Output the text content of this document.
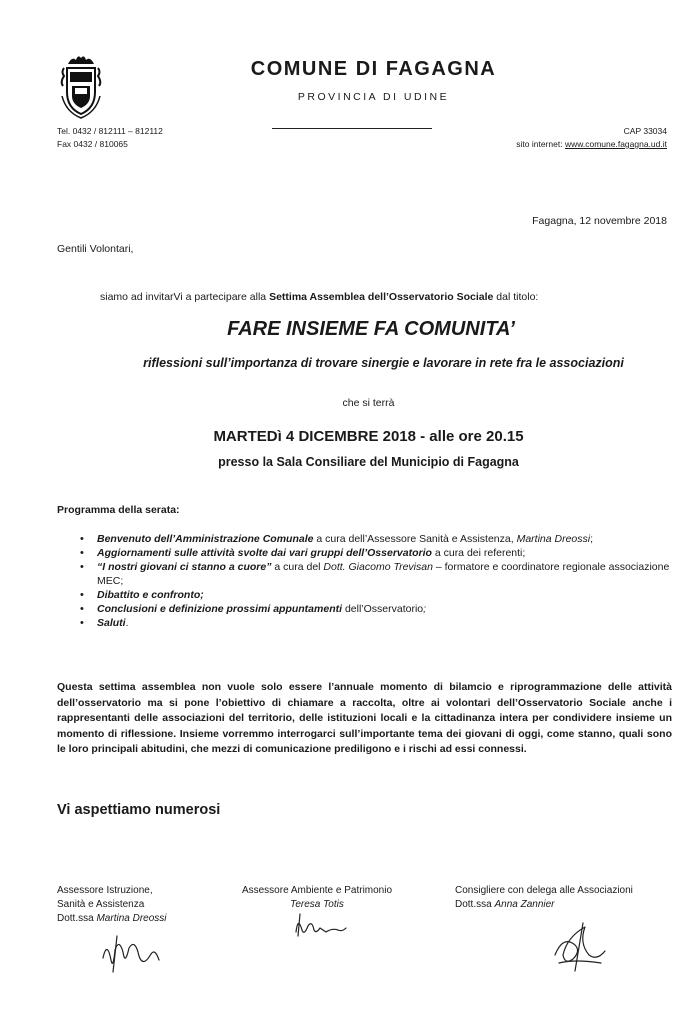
COMUNE DI FAGAGNA
PROVINCIA DI UDINE
Tel. 0432 / 812111 – 812112
Fax 0432 / 810065
CAP 33034
sito internet: www.comune.fagagna.ud.it
Fagagna, 12 novembre 2018
Gentili Volontari,
siamo ad invitarVi a partecipare alla Settima Assemblea dell’Osservatorio Sociale dal titolo:
FARE INSIEME FA COMUNITA’
riflessioni sull’importanza di trovare sinergie e lavorare in rete fra le associazioni
che si terrà
MARTEDì 4 DICEMBRE 2018 - alle ore 20.15
presso la Sala Consiliare del Municipio di Fagagna
Programma della serata:
• Benvenuto dell’Amministrazione Comunale a cura dell’Assessore Sanità e Assistenza, Martina Dreossi;
• Aggiornamenti sulle attività svolte dai vari gruppi dell’Osservatorio a cura dei referenti;
• “I nostri giovani ci stanno a cuore” a cura del Dott. Giacomo Trevisan – formatore e coordinatore regionale associazione MEC;
• Dibattito e confronto;
• Conclusioni e definizione prossimi appuntamenti dell’Osservatorio;
• Saluti.
Questa settima assemblea non vuole solo essere l’annuale momento di bilamcio e riprogrammazione delle attività dell’osservatorio ma si pone l’obiettivo di chiamare a raccolta, oltre ai volontari dell’Osservatorio Sociale anche i rappresentanti delle associazioni del territorio, delle istituzioni locali e la cittadinanza intera per condividere insieme un momento di riflessione. Insieme vorremmo interrogarci sull’importante tema dei giovani di oggi, come stanno, quali sono le loro principali abitudini, che mezzi di comunicazione prediligono e i rischi ad essi connessi.
Vi aspettiamo numerosi
Assessore Istruzione,
Sanità e Assistenza
Dott.ssa Martina Dreossi
Assessore Ambiente e Patrimonio
Teresa Totis
Consigliere con delega alle Associazioni
Dott.ssa Anna Zannier
